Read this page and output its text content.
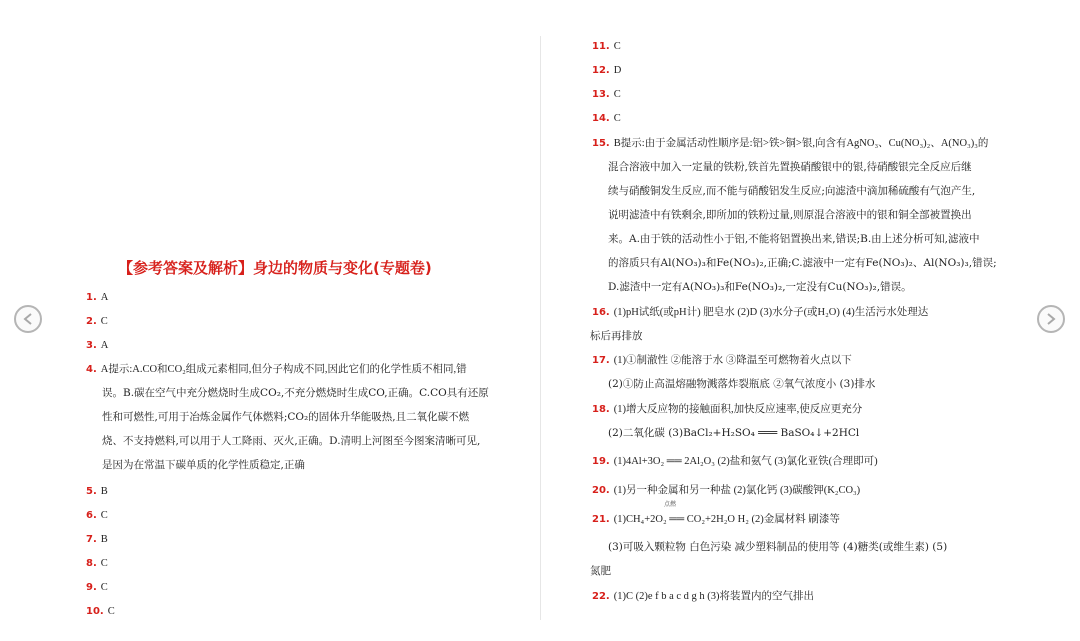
【参考答案及解析】身边的物质与变化(专题卷)
1. A
2. C
3. A
4. A提示:A.CO和CO₂组成元素相同,但分子构成不同,因此它们的化学性质不相同,错
误。B.碳在空气中充分燃烧时生成CO₂,不充分燃烧时生成CO,正确。C.CO具有还原
性和可燃性,可用于冶炼金属作气体燃料;CO₂的固体升华能吸热,且二氧化碳不燃
烧、不支持燃料,可以用于人工降雨、灭火,正确。D.清明上河图至今图案清晰可见,
是因为在常温下碳单质的化学性质稳定,正确
5. B
6. C
7. B
8. C
9. C
10. C
11. C
12. D
13. C
14. C
15. B提示:由于金属活动性顺序是:铝>铁>铜>银,向含有AgNO₃、Cu(NO₃)₂、A(NO₃)₃的
混合溶液中加入一定量的铁粉,铁首先置换硝酸银中的银,待硝酸银完全反应后继
续与硝酸铜发生反应,而不能与硝酸铝发生反应;向滤渣中滴加稀硫酸有气泡产生,
说明滤渣中有铁剩余,即所加的铁粉过量,则原混合溶液中的银和铜全部被置换出
来。A.由于铁的活动性小于铝,不能将铝置换出来,错误;B.由上述分析可知,滤液中
的溶质只有Al(NO₃)₃和Fe(NO₃)₂,正确;C.滤液中一定有Fe(NO₃)₂、Al(NO₃)₃,错误;
D.滤渣中一定有A(NO₃)₃和Fe(NO₃)₂,一定没有Cu(NO₃)₂,错误。
16. (1)pH试纸(或pH计) 肥皂水 (2)D (3)水分子(或H₂O) (4)生活污水处理达
标后再排放
17. (1)①制澈性 ②能溶于水 ③降温至可燃物着火点以下
(2)①防止高温熔融物溅落炸裂瓶底 ②氧气浓度小 (3)排水
18. (1)增大反应物的接触面积,加快反应速率,使反应更充分
(2)二氧化碳 (3)BaCl₂+H₂SO₄ ═══ BaSO₄↓+2HCl
19. (1)4Al+3O₂ ══ 2Al₂O₃ (2)盐和氨气 (3)氯化亚铁(合理即可)
20. (1)另一种金属和另一种盐 (2)氯化钙 (3)碳酸钾(K₂CO₃)
点燃
21. (1)CH₄+2O₂ ══ CO₂+2H₂O H₂ (2)金属材料 刷漆等
(3)可吸入颗粒物 白色污染 减少塑料制品的使用等 (4)糖类(或维生素) (5)
氮肥
22. (1)C (2)e f b a c d g h (3)将装置内的空气排出
